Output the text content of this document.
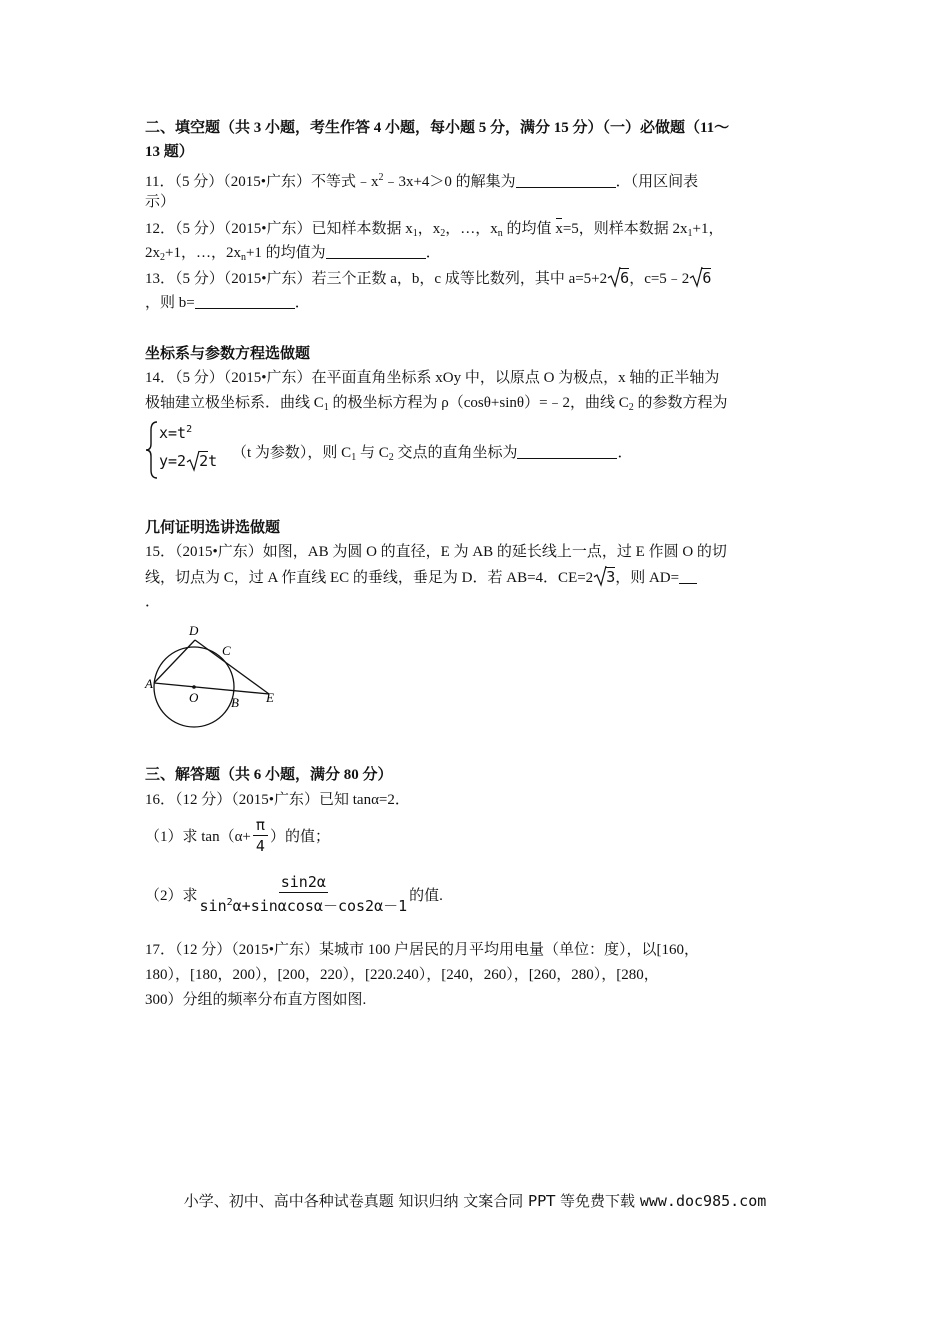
二、填空题（共 3 小题，考生作答 4 小题，每小题 5 分，满分 15 分）（一）必做题（11～
13 题）
11．（5 分）（2015•广东）不等式$﹣x^2﹣3x+4>0$ 的解集为	．（用区间表
示）
12．（5 分）（2015•广东）已知样本数据 $x_1$，$x_2$，…，$x_n$ 的均值 x=5，则样本数据 $2x_1+1$，
$2x_2+1$，…，$2x_n+1$ 的均值为	．
13．（5 分）（2015•广东）若三个正数 a，b，c 成等比数列，其中 a=5+2 6，c=5﹣2 6
，则 b=	．
坐标系与参数方程选做题
14．（5 分）（2015•广东）在平面直角坐标系 xOy 中，以原点 O 为极点，x 轴的正半轴为
极轴建立极坐标系．曲线 $C_1$ 的极坐标方程为 ρ（cosθ+sinθ）=﹣2，曲线 $C_2$ 的参数方程为
$x=t^2$
y=2 2t （t 为参数），则 $C_1$ 与 $C_2$ 交点的直角坐标为	．
几何证明选讲选做题
15．（2015•广东）如图，AB 为圆 O 的直径，E 为 AB 的延长线上一点，过 E 作圆 O 的切
线，切点为 C，过 A 作直线 EC 的垂线，垂足为 D．若 AB=4．CE=2 3，则 AD=
．
D
C
A
O	B E
三、解答题（共 6 小题，满分 80 分）
16．（12 分）（2015•广东）已知 tanα=2．
（1）求 $\tan(\alpha+ \frac{\pi}{4}$ ）的值；
（2）求 $\frac{\sin 2\alpha}{\sin^2\alpha+\sin\alpha\cos\alpha-\cos 2\alpha-1}$ 的值.
17．（12 分）（2015•广东）某城市 100 户居民的月平均用电量（单位：度），以[160，
180），[180，200），[200，220），[220.240），[240，260），[260，280），[280，
300）分组的频率分布直方图如图.
小学、初中、高中各种试卷真题 知识归纳 文案合同 PPT 等免费下载 www.doc985.com
